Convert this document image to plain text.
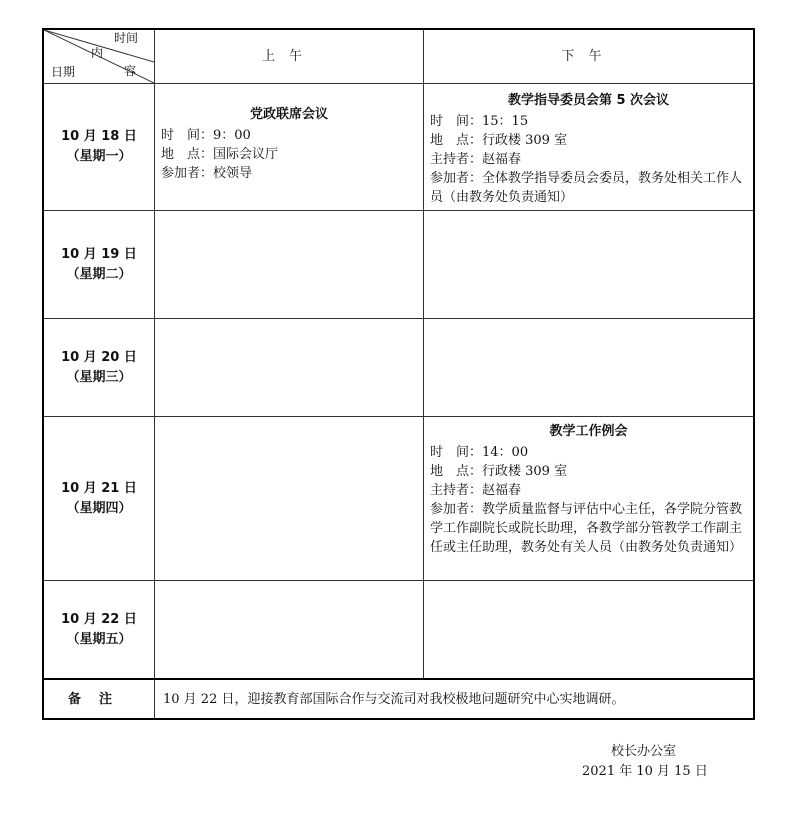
时间
内
容
日期
上午	下午
10 月 18 日
（星期一）
党政联席会议
时　间：9：00
地　点：国际会议厅
参加者：校领导
教学指导委员会第 5 次会议
时　间：15：15
地　点：行政楼 309 室
主持者：赵福春
参加者：全体教学指导委员会委员，教务处相关工作人员（由教务处负责通知）
10 月 19 日
（星期二）
10 月 20 日
（星期三）
10 月 21 日
（星期四）
教学工作例会
时　间：14：00
地　点：行政楼 309 室
主持者：赵福春
参加者：教学质量监督与评估中心主任，各学院分管教学工作副院长或院长助理，各教学部分管教学工作副主任或主任助理，教务处有关人员（由教务处负责通知）
10 月 22 日
（星期五）
备注	10 月 22 日，迎接教育部国际合作与交流司对我校极地问题研究中心实地调研。
校长办公室
2021 年 10 月 15 日
